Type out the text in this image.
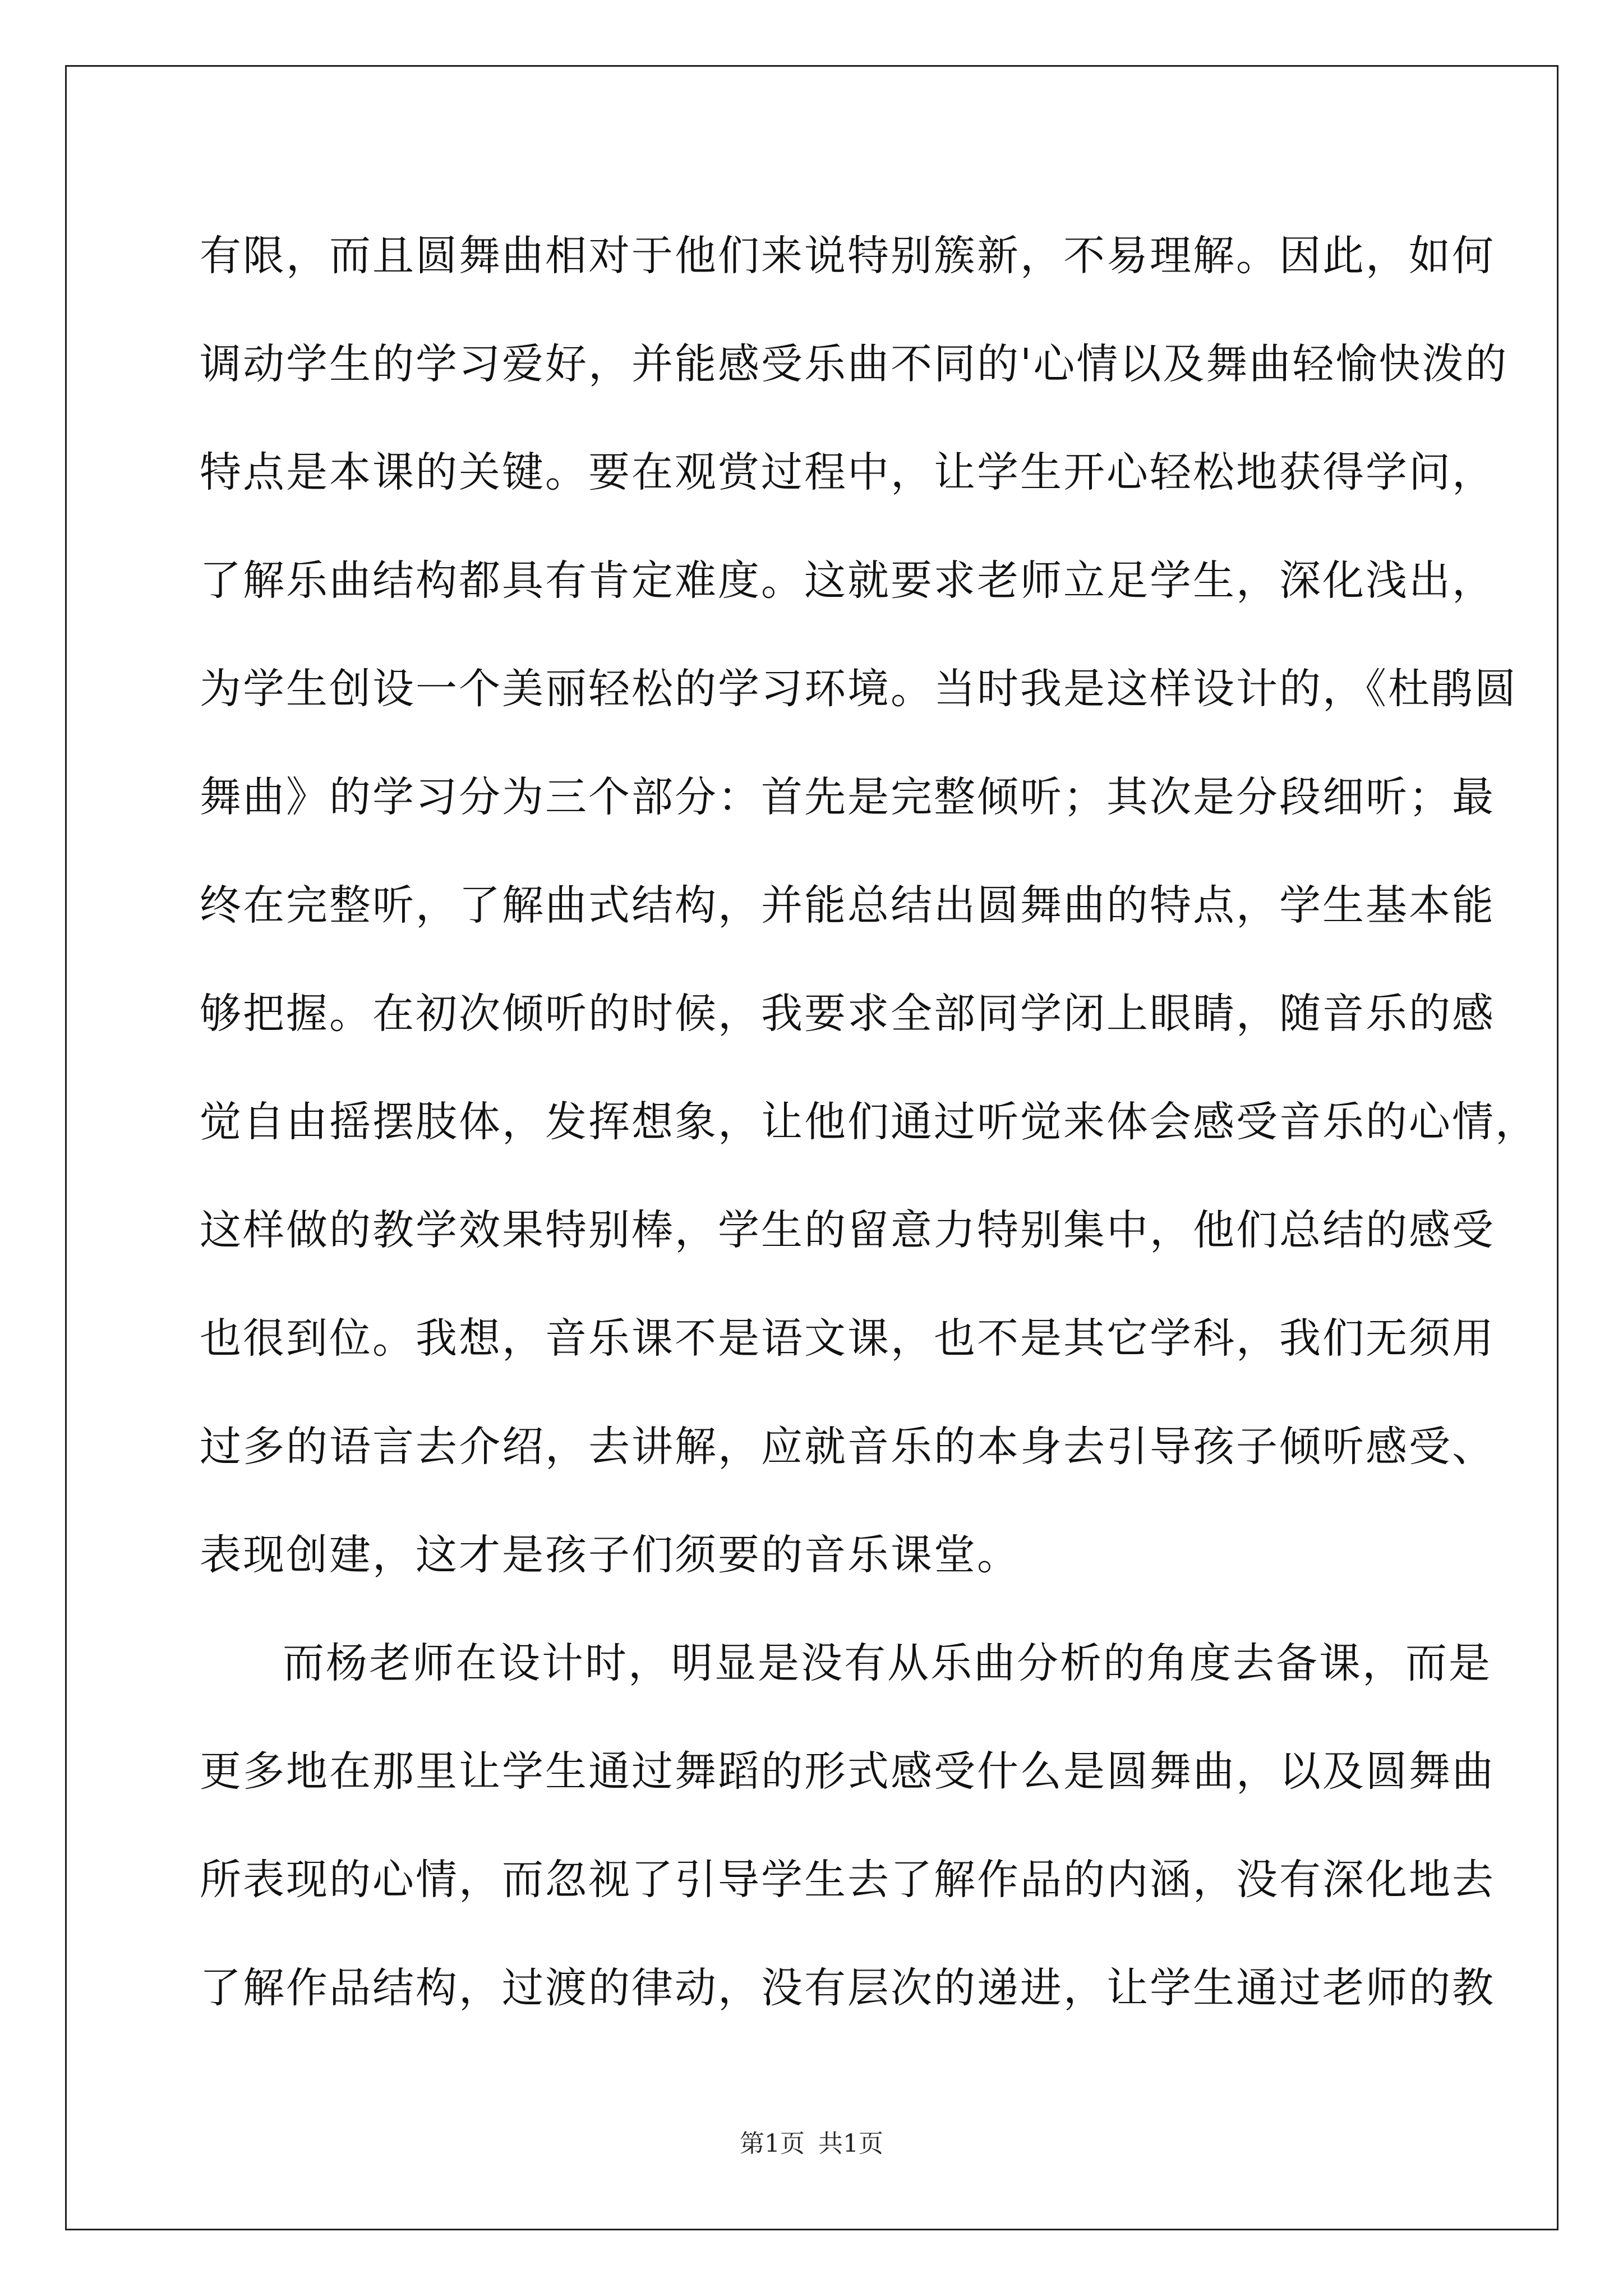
有限，而且圆舞曲相对于他们来说特别簇新，不易理解。因此，如何
调动学生的学习爱好，并能感受乐曲不同的'心情以及舞曲轻愉快泼的
特点是本课的关键。要在观赏过程中，让学生开心轻松地获得学问，
了解乐曲结构都具有肯定难度。这就要求老师立足学生，深化浅出，
为学生创设一个美丽轻松的学习环境。当时我是这样设计的，《杜鹃圆
舞曲》的学习分为三个部分：首先是完整倾听；其次是分段细听；最
终在完整听，了解曲式结构，并能总结出圆舞曲的特点，学生基本能
够把握。在初次倾听的时候，我要求全部同学闭上眼睛，随音乐的感
觉自由摇摆肢体，发挥想象，让他们通过听觉来体会感受音乐的心情，
这样做的教学效果特别棒，学生的留意力特别集中，他们总结的感受
也很到位。我想，音乐课不是语文课，也不是其它学科，我们无须用
过多的语言去介绍，去讲解，应就音乐的本身去引导孩子倾听感受、
表现创建，这才是孩子们须要的音乐课堂。

而杨老师在设计时，明显是没有从乐曲分析的角度去备课，而是
更多地在那里让学生通过舞蹈的形式感受什么是圆舞曲，以及圆舞曲
所表现的心情，而忽视了引导学生去了解作品的内涵，没有深化地去
了解作品结构，过渡的律动，没有层次的递进，让学生通过老师的教

第1页 共1页
